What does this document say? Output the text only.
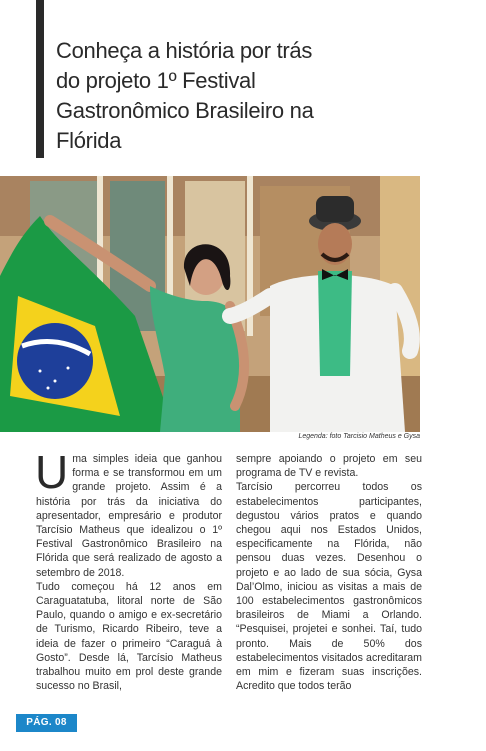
Conheça a história por trás do projeto 1º Festival Gastronômico Brasileiro na Flórida
Legenda: foto Tarcisio Matheus e Gysa

Uma simples ideia que ganhou forma e se transformou em um grande projeto. Assim é a história por trás da iniciativa do apresentador, empresário e produtor Tarcísio Matheus que idealizou o 1º Festival Gastronômico Brasileiro na Flórida que será realizado de agosto a setembro de 2018.

Tudo começou há 12 anos em Caraguatatuba, litoral norte de São Paulo, quando o amigo e ex-secretário de Turismo, Ricardo Ribeiro, teve a ideia de fazer o primeiro “Caraguá à Gosto”. Desde lá, Tarcísio Matheus trabalhou muito em prol deste grande sucesso no Brasil,

sempre apoiando o projeto em seu programa de TV e revista.

Tarcísio percorreu todos os estabelecimentos participantes, degustou vários pratos e quando chegou aqui nos Estados Unidos, especificamente na Flórida, não pensou duas vezes. Desenhou o projeto e ao lado de sua sócia, Gysa Dal’Olmo, iniciou as visitas a mais de 100 estabelecimentos gastronômicos brasileiros de Miami a Orlando. “Pesquisei, projetei e sonhei. Taí, tudo pronto. Mais de 50% dos estabelecimentos visitados acreditaram em mim e fizeram suas inscrições. Acredito que todos terão

PÁG. 08
